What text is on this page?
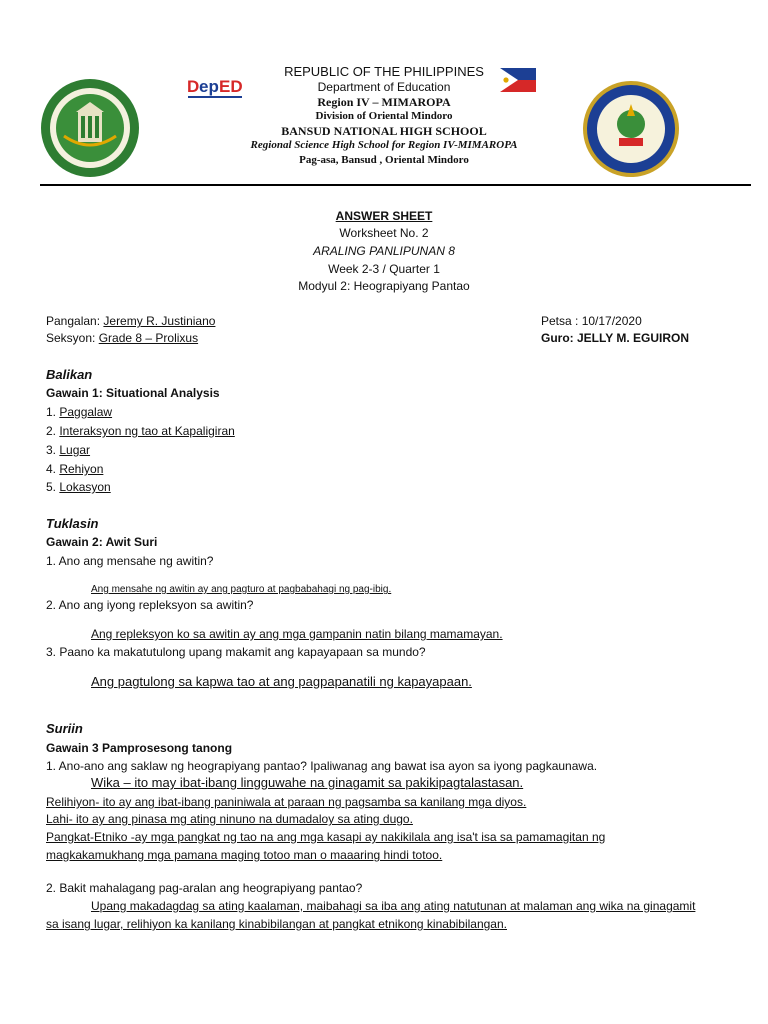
D ep ED
REPUBLIC OF THE PHILIPPINES
Department of Education
Region IV – MIMAROPA
Division of Oriental Mindoro
BANSUD NATIONAL HIGH SCHOOL
Regional Science High School for Region IV-MIMAROPA
Pag-asa, Bansud , Oriental Mindoro
ANSWER SHEET
Worksheet No. 2
ARALING PANLIPUNAN 8
Week 2-3 / Quarter 1
Modyul 2: Heograpiyang Pantao
Pangalan: Jeremy R. Justiniano
Seksyon: Grade 8 – Prolixus
Petsa : 10/17/2020
Guro: JELLY M. EGUIRON
Balikan
Gawain 1: Situational Analysis
1. Paggalaw
2. Interaksyon ng tao at Kapaligiran
3. Lugar
4. Rehiyon
5. Lokasyon
Tuklasin
Gawain 2: Awit Suri
1. Ano ang mensahe ng awitin?
Ang mensahe ng awitin ay ang pagturo at pagbabahagi ng pag-ibig.
2. Ano ang iyong repleksyon sa awitin?
Ang repleksyon ko sa awitin ay ang mga gampanin natin bilang mamamayan.
3. Paano ka makatutulong upang makamit ang kapayapaan sa mundo?
Ang pagtulong sa kapwa tao at ang pagpapanatili ng kapayapaan.
Suriin
Gawain 3 Pamprosesong tanong
1. Ano-ano ang saklaw ng heograpiyang pantao? Ipaliwanag ang bawat isa ayon sa iyong pagkaunawa.
Wika – ito may ibat-ibang lingguwahe na ginagamit sa pakikipagtalastasan.
Relihiyon- ito ay ang ibat-ibang paniniwala at paraan ng pagsamba sa kanilang mga diyos.
Lahi- ito ay ang pinasa mg ating ninuno na dumadaloy sa ating dugo.
Pangkat-Etniko -ay mga pangkat ng tao na ang mga kasapi ay nakikilala ang isa't isa sa pamamagitan ng
magkakamukhang mga pamana maging totoo man o maaaring hindi totoo.
2. Bakit mahalagang pag-aralan ang heograpiyang pantao?
Upang makadagdag sa ating kaalaman, maibahagi sa iba ang ating natutunan at malaman ang wika na ginagamit
sa isang lugar, relihiyon ka kanilang kinabibilangan at pangkat etnikong kinabibilangan.
